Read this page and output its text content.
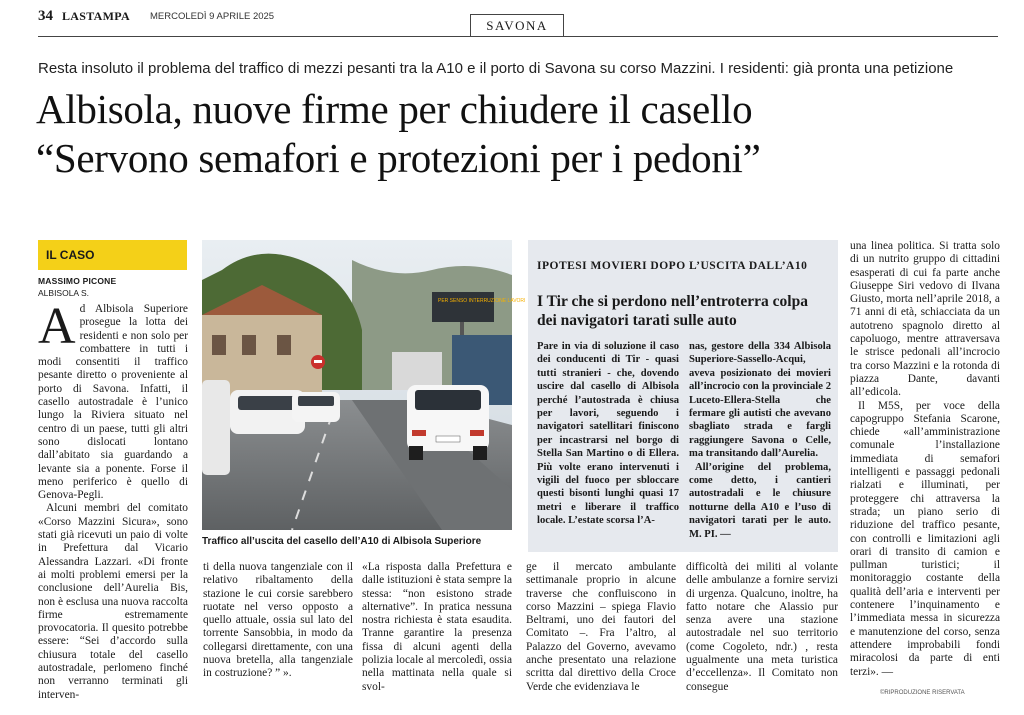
34 LASTAMPA MERCOLEDÌ 9 APRILE 2025
SAVONA
Resta insoluto il problema del traffico di mezzi pesanti tra la A10 e il porto di Savona su corso Mazzini. I residenti: già pronta una petizione
Albisola, nuove firme per chiudere il casello
“Servono semafori e protezioni per i pedoni”
IL CASO
MASSIMO PICONE
ALBISOLA S.
A d Albisola Superiore prosegue la lotta dei residenti e non solo per combattere in tutti i modi consentiti il traffico pesante diretto o proveniente al porto di Savona. Infatti, il casello autostradale è l’unico lungo la Riviera situato nel centro di un paese, tutti gli altri sono dislocati lontano dall’abitato sia guardando a levante sia a ponente. Forse il meno periferico è quello di Genova-Pegli.

Alcuni membri del comitato «Corso Mazzini Sicura», sono stati già ricevuti un paio di volte in Prefettura dal Vicario Alessandra Lazzari. «Di fronte ai molti problemi emersi per la conclusione dell’Aurelia Bis, non è esclusa una nuova raccolta firme estremamente provocatoria. Il quesito potrebbe essere: “Sei d’accordo sulla chiusura totale del casello autostradale, perlomeno finché non verranno terminati gli interven-

PER SENSO INTERRUZIONE LAVORI
Traffico all’uscita del casello dell’A10 di Albisola Superiore
ti della nuova tangenziale con il relativo ribaltamento della stazione le cui corsie sarebbero ruotate nel verso opposto a quello attuale, ossia sul lato del torrente Sansobbia, in modo da collegarsi direttamente, con una nuova bretella, alla tangenziale in costruzione? ” ».
«La risposta dalla Prefettura e dalle istituzioni è stata sempre la stessa: “non esistono strade alternative”. In pratica nessuna nostra richiesta è stata esaudita. Tranne garantire la presenza fissa di alcuni agenti della polizia locale al mercoledì, ossia nella mattinata nella quale si svol-
ge il mercato ambulante settimanale proprio in alcune traverse che confluiscono in corso Mazzini – spiega Flavio Beltrami, uno dei fautori del Comitato –. Fra l’altro, al Palazzo del Governo, avevamo anche presentato una relazione scritta dal direttivo della Croce Verde che evidenziava le
difficoltà dei militi al volante delle ambulanze a fornire servizi di urgenza. Qualcuno, inoltre, ha fatto notare che Alassio pur senza avere una stazione autostradale nel suo territorio (come Cogoleto, ndr.) , resta ugualmente una meta turistica d’eccellenza». Il Comitato non consegue
IPOTESI MOVIERI DOPO L’USCITA DALL’A10
I Tir che si perdono nell’entroterra colpa dei navigatori tarati sulle auto
Pare in via di soluzione il caso dei conducenti di Tir - quasi tutti stranieri - che, dovendo uscire dal casello di Albisola perché l’autostrada è chiusa per lavori, seguendo i navigatori satellitari finiscono per incastrarsi nel borgo di Stella San Martino o di Ellera. Più volte erano intervenuti i vigili del fuoco per sbloccare questi bisonti lunghi quasi 17 metri e liberare il traffico locale. L’estate scorsa l’A-

nas, gestore della 334 Albisola Superiore-Sassello-Acqui, aveva posizionato dei movieri all’incrocio con la provinciale 2 Luceto-Ellera-Stella che fermare gli autisti che avevano sbagliato strada e fargli raggiungere Savona o Celle, ma transitando dall’Aurelia.

All’origine del problema, come detto, i cantieri autostradali e le chiusure notturne della A10 e l’uso di navigatori tarati per le auto. M. PI. —

una linea politica. Si tratta solo di un nutrito gruppo di cittadini esasperati di cui fa parte anche Giuseppe Siri vedovo di Ilvana Giusto, morta nell’aprile 2018, a 71 anni di età, schiacciata da un autotreno spagnolo diretto al capoluogo, mentre attraversava le strisce pedonali all’incrocio tra corso Mazzini e la rotonda di piazza Dante, davanti all’edicola.

Il M5S, per voce della capogruppo Stefania Scarone, chiede «all’amministrazione comunale l’installazione immediata di semafori intelligenti e passaggi pedonali rialzati e illuminati, per proteggere chi attraversa la strada; un piano serio di riduzione del traffico pesante, con controlli e limitazioni agli orari di transito di camion e pullman turistici; il monitoraggio costante della qualità dell’aria e interventi per contenere l’inquinamento e l’immediata messa in sicurezza e manutenzione del corso, senza attendere improbabili fondi miracolosi da parte di enti terzi». —

©RIPRODUZIONE RISERVATA
